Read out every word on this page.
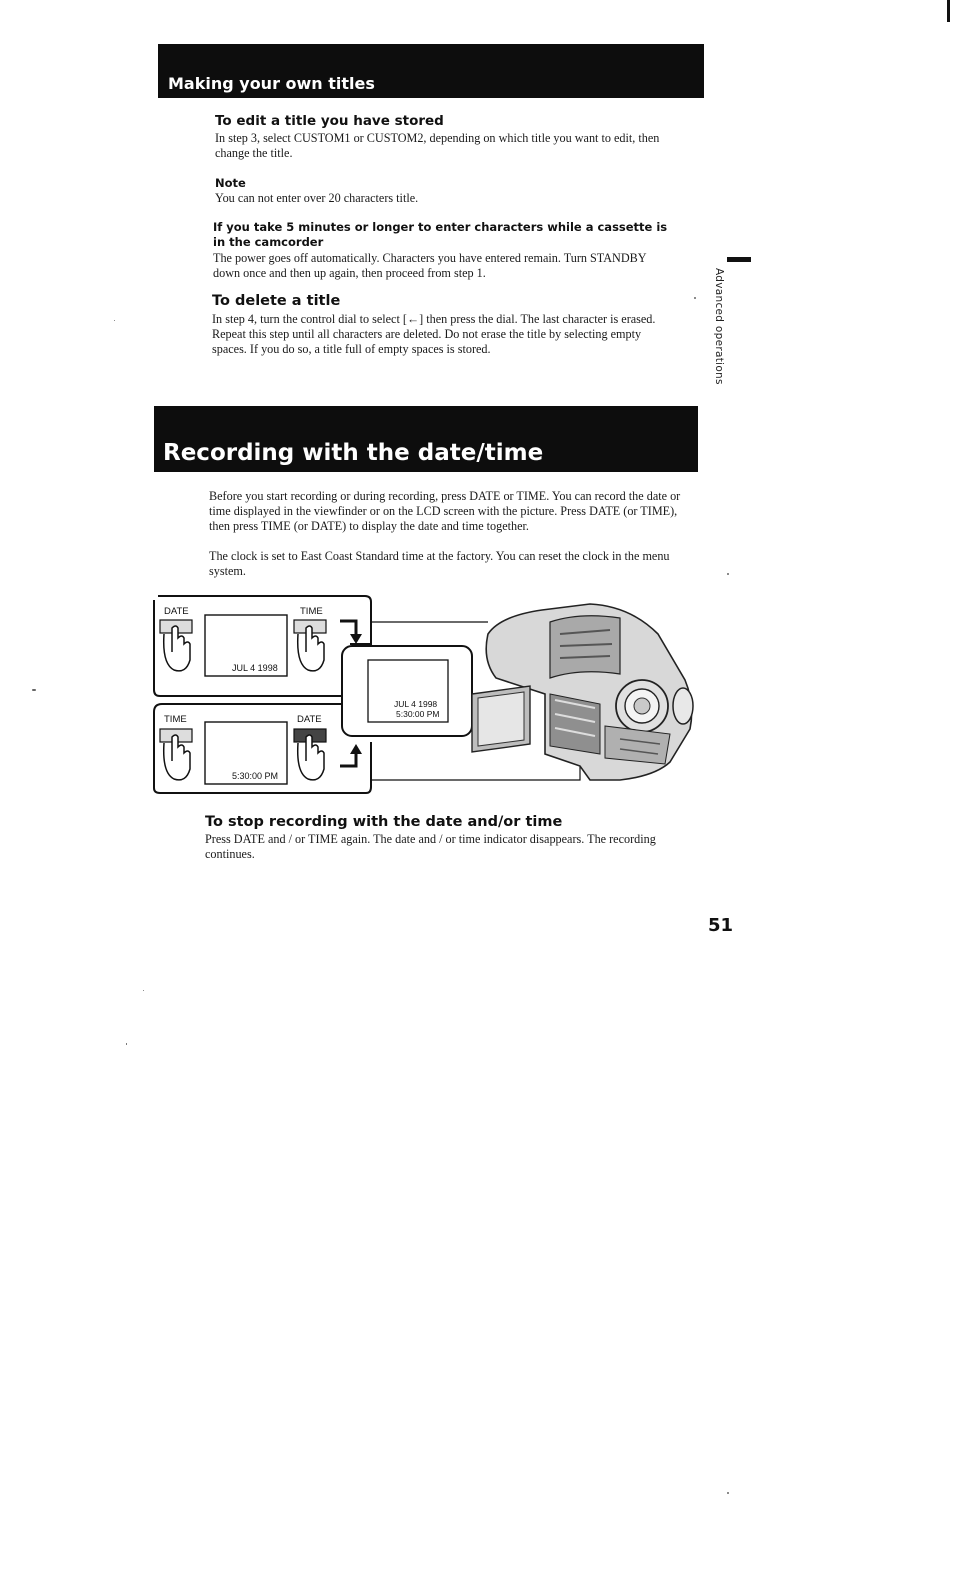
Making your own titles
To edit a title you have stored
In step 3, select CUSTOM1 or CUSTOM2, depending on which title you want to edit, then change the title.
Note
You can not enter over 20 characters title.
If you take 5 minutes or longer to enter characters while a cassette is in the camcorder
The power goes off automatically. Characters you have entered remain. Turn STANDBY down once and then up again, then proceed from step 1.
To delete a title
In step 4, turn the control dial to select [←] then press the dial. The last character is erased. Repeat this step until all characters are deleted. Do not erase the title by selecting empty spaces. If you do so, a title full of empty spaces is stored.	Advanced operations
Recording with the date/time
Before you start recording or during recording, press DATE or TIME. You can record the date or time displayed in the viewfinder or on the LCD screen with the picture. Press DATE (or TIME), then press TIME (or DATE) to display the date and time together.
The clock is set to East Coast Standard time at the factory. You can reset the clock in the menu system.
DATE	TIME
JUL 4 1998
TIME	DATE
5:30:00 PM
JUL 4 1998
5:30:00 PM
To stop recording with the date and/or time
Press DATE and / or TIME again. The date and / or time indicator disappears. The recording continues.
51
